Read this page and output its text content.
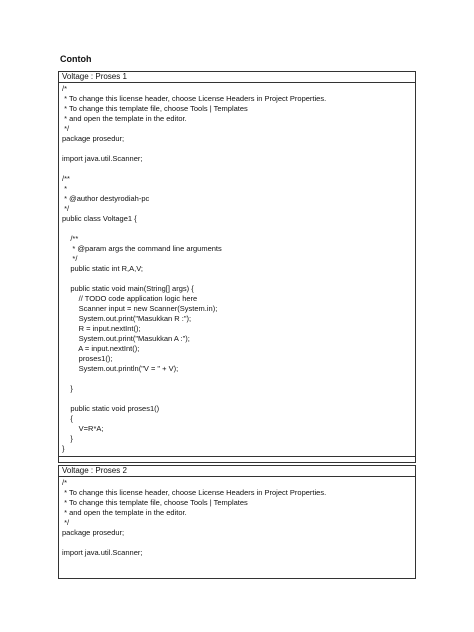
Contoh
Voltage : Proses 1
/*
* To change this license header, choose License Headers in Project Properties.
* To change this template file, choose Tools | Templates
* and open the template in the editor.
*/
package prosedur;
import java.util.Scanner;
/**
*
* @author destyrodiah-pc
*/
public class Voltage1 {
/**
* @param args the command line arguments
*/
public static int R,A,V;
public static void main(String[] args) {
// TODO code application logic here
Scanner input = new Scanner(System.in);
System.out.print("Masukkan R :");
R = input.nextInt();
System.out.print("Masukkan A :");
A = input.nextInt();
proses1();
System.out.println("V = " + V);
}
public static void proses1()
{
V=R*A;
}
}
Voltage : Proses 2
/*
* To change this license header, choose License Headers in Project Properties.
* To change this template file, choose Tools | Templates
* and open the template in the editor.
*/
package prosedur;
import java.util.Scanner;
